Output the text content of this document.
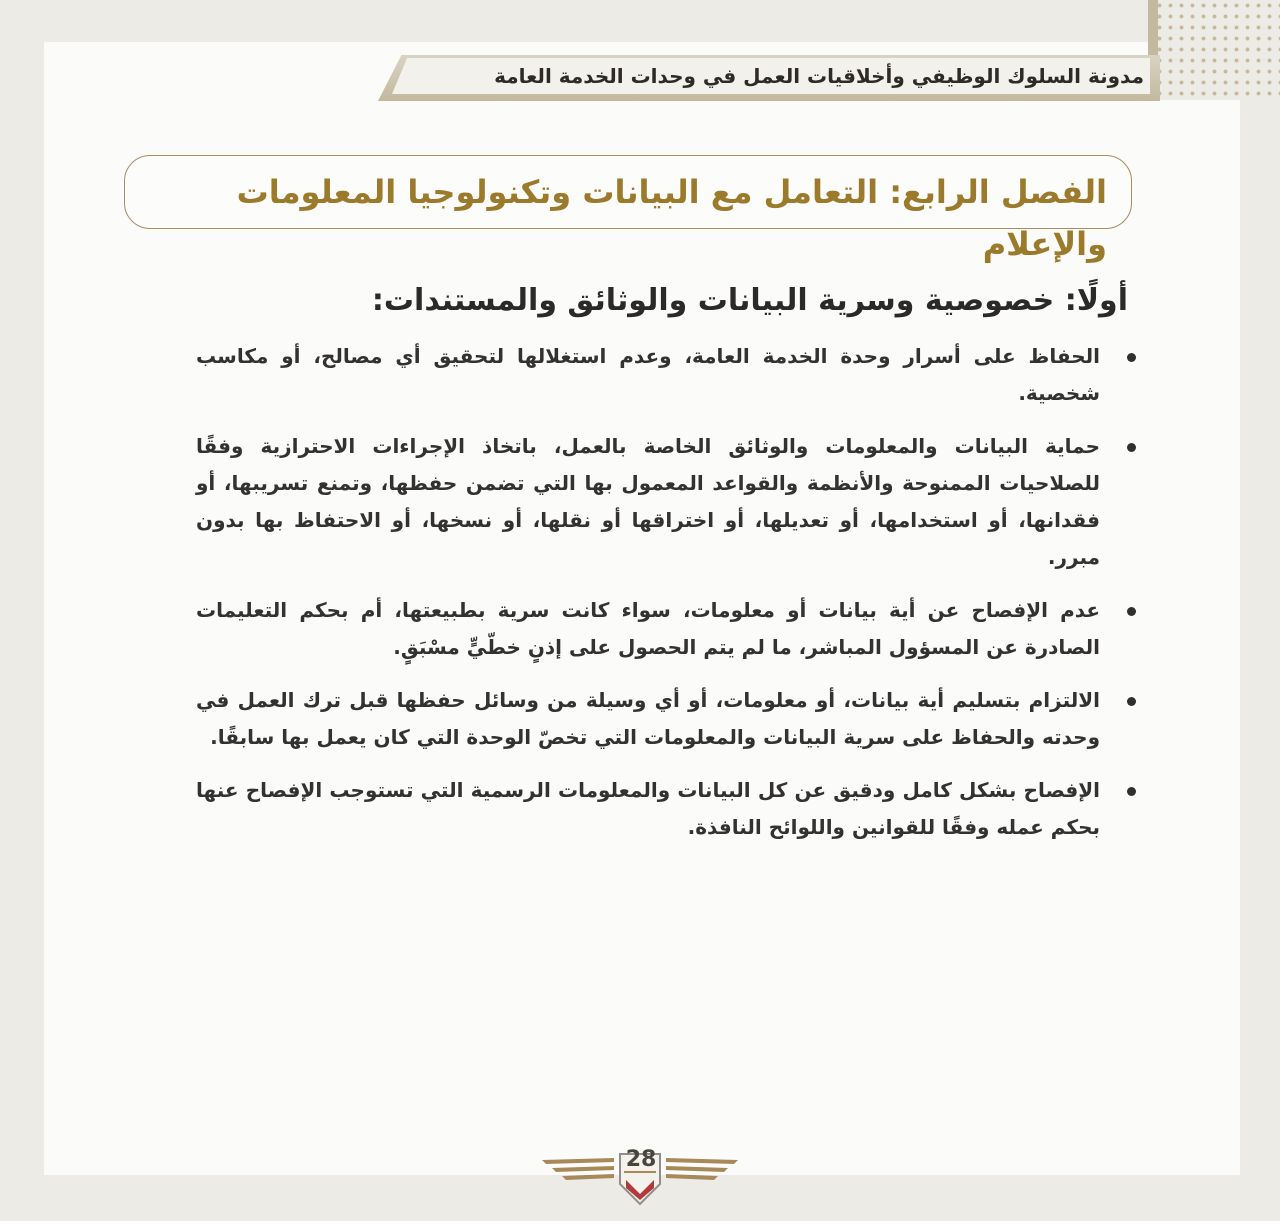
مدونة السلوك الوظيفي وأخلاقيات العمل في وحدات الخدمة العامة
الفصل الرابع: التعامل مع البيانات وتكنولوجيا المعلومات والإعلام
أولًا: خصوصية وسرية البيانات والوثائق والمستندات:
الحفاظ على أسرار وحدة الخدمة العامة، وعدم استغلالها لتحقيق أي مصالح، أو مكاسب شخصية.
حماية البيانات والمعلومات والوثائق الخاصة بالعمل، باتخاذ الإجراءات الاحترازية وفقًا للصلاحيات الممنوحة والأنظمة والقواعد المعمول بها التي تضمن حفظها، وتمنع تسريبها، أو فقدانها، أو استخدامها، أو تعديلها، أو اختراقها أو نقلها، أو نسخها، أو الاحتفاظ بها بدون مبرر.
عدم الإفصاح عن أية بيانات أو معلومات، سواء كانت سرية بطبيعتها، أم بحكم التعليمات الصادرة عن المسؤول المباشر، ما لم يتم الحصول على إذنٍ خطّيٍّ مسْبَقٍ.
الالتزام بتسليم أية بيانات، أو معلومات، أو أي وسيلة من وسائل حفظها قبل ترك العمل في وحدته والحفاظ على سرية البيانات والمعلومات التي تخصّ الوحدة التي كان يعمل بها سابقًا.
الإفصاح بشكل كامل ودقيق عن كل البيانات والمعلومات الرسمية التي تستوجب الإفصاح عنها بحكم عمله وفقًا للقوانين واللوائح النافذة.
28
